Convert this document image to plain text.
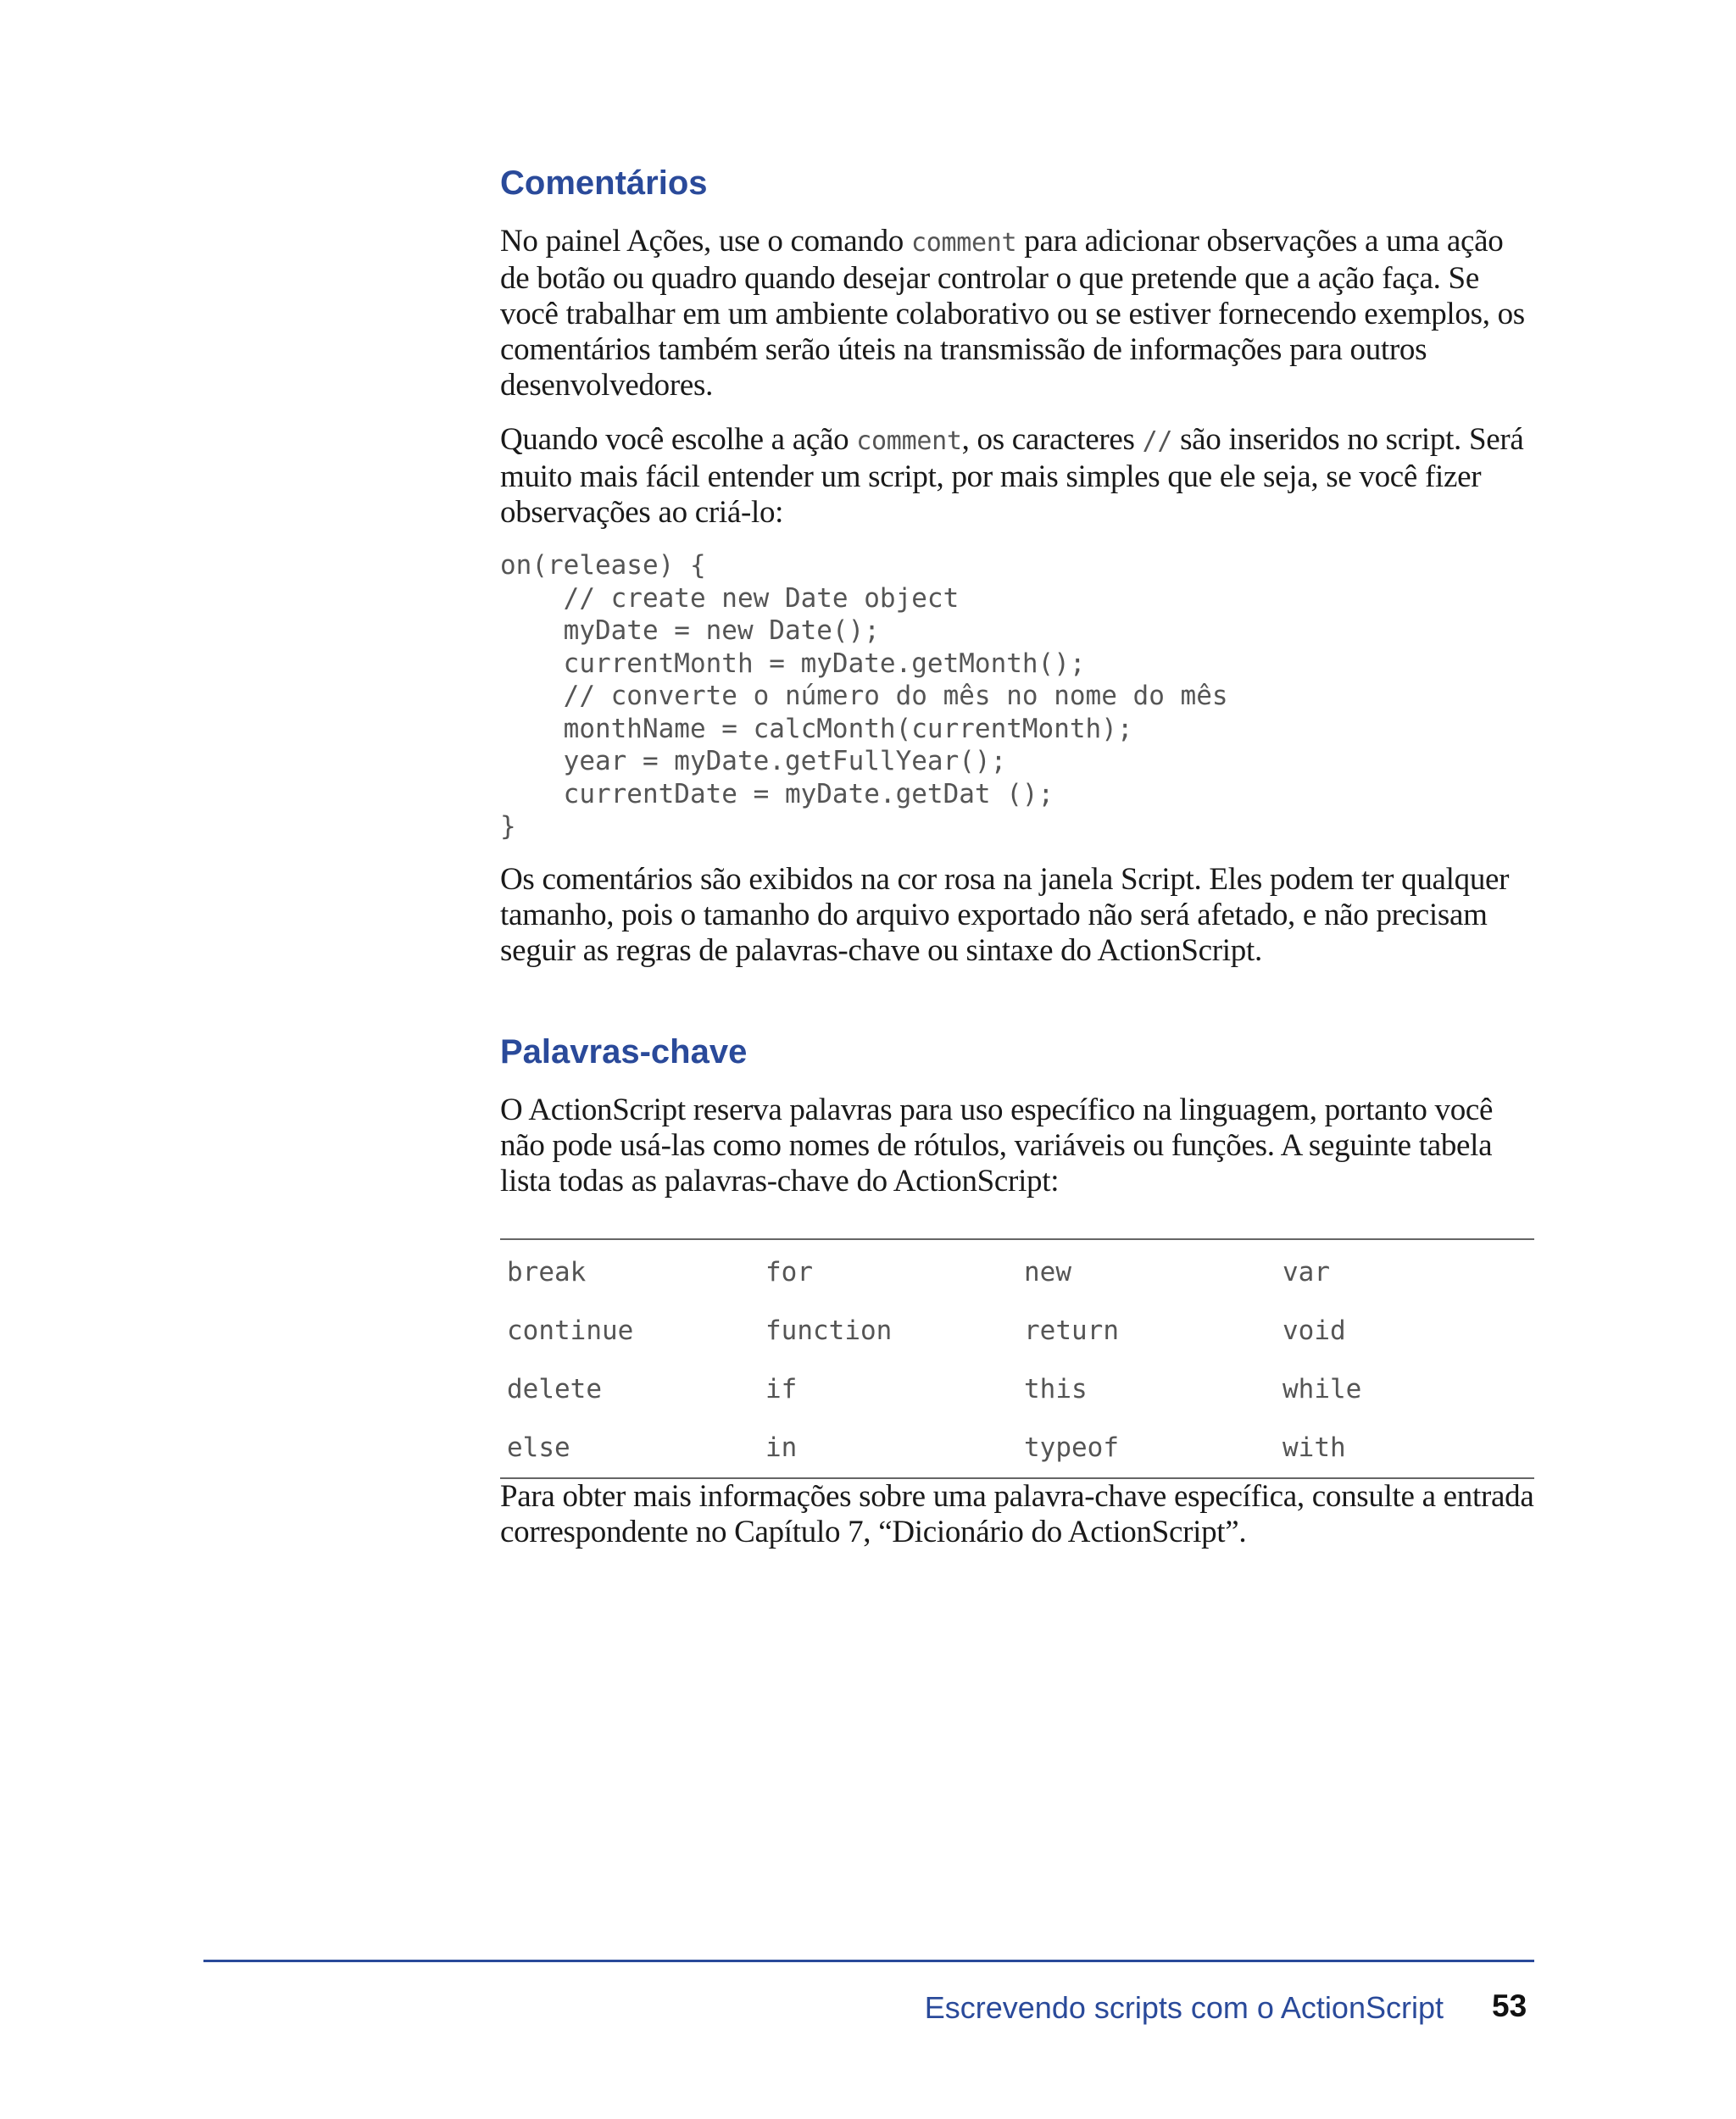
Comentários

No painel Ações, use o comando comment para adicionar observações a uma ação de botão ou quadro quando desejar controlar o que pretende que a ação faça. Se você trabalhar em um ambiente colaborativo ou se estiver fornecendo exemplos, os comentários também serão úteis na transmissão de informações para outros desenvolvedores.

Quando você escolhe a ação comment, os caracteres // são inseridos no script. Será muito mais fácil entender um script, por mais simples que ele seja, se você fizer observações ao criá-lo:

on(release) {
// create new Date object
myDate = new Date();
currentMonth = myDate.getMonth();
// converte o número do mês no nome do mês
monthName = calcMonth(currentMonth);
year = myDate.getFullYear();
currentDate = myDate.getDat ();
}

Os comentários são exibidos na cor rosa na janela Script. Eles podem ter qualquer tamanho, pois o tamanho do arquivo exportado não será afetado, e não precisam seguir as regras de palavras-chave ou sintaxe do ActionScript.

Palavras-chave

O ActionScript reserva palavras para uso específico na linguagem, portanto você não pode usá-las como nomes de rótulos, variáveis ou funções. A seguinte tabela lista todas as palavras-chave do ActionScript:

break	for	new	var
continue	function	return	void
delete	if	this	while
else	in	typeof	with

Para obter mais informações sobre uma palavra-chave específica, consulte a entrada correspondente no Capítulo 7, “Dicionário do ActionScript”.

Escrevendo scripts com o ActionScript 53
